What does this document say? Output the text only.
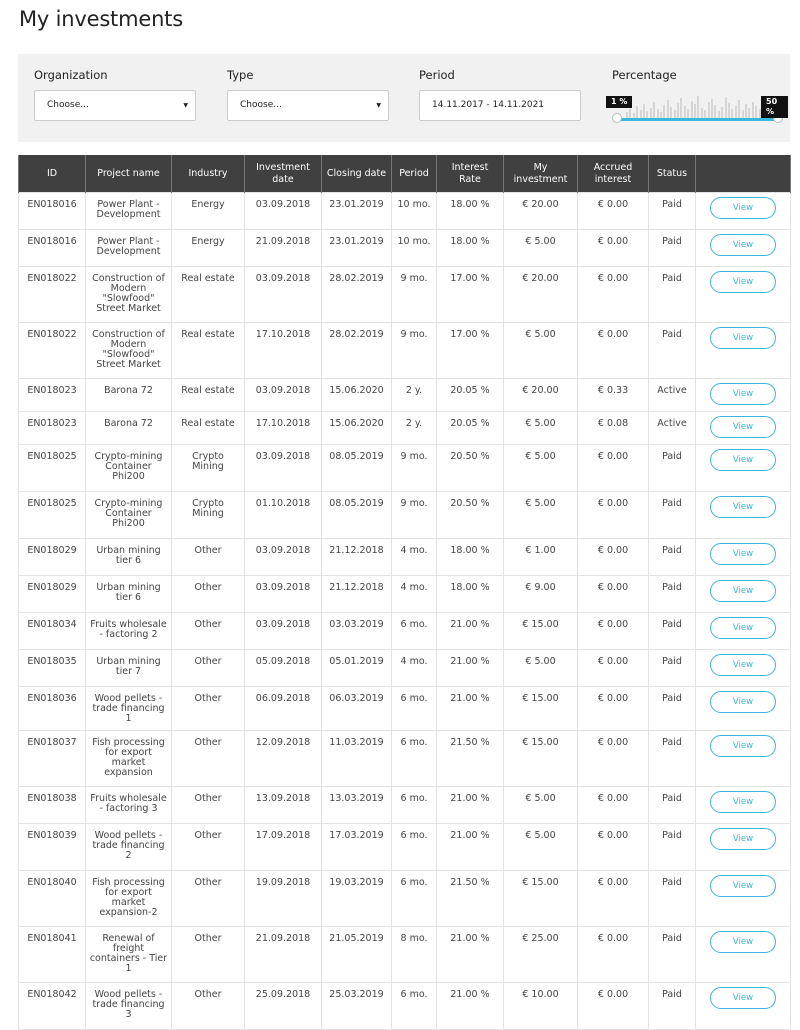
My investments
Organization
Choose...	▼
Type
Choose...	▼
Period
14.11.2017 - 14.11.2021
Percentage
1 %	50 %
ID	Project name	Industry	Investment date	Closing date	Period	Interest Rate	My investment	Accrued interest	Status	
EN018016	Power Plant - Development	Energy	03.09.2018	23.01.2019	10 mo.	18.00 %	€ 20.00	€ 0.00	Paid	View
EN018016	Power Plant - Development	Energy	21.09.2018	23.01.2019	10 mo.	18.00 %	€ 5.00	€ 0.00	Paid	View
EN018022	Construction of Modern "Slowfood" Street Market	Real estate	03.09.2018	28.02.2019	9 mo.	17.00 %	€ 20.00	€ 0.00	Paid	View
EN018022	Construction of Modern "Slowfood" Street Market	Real estate	17.10.2018	28.02.2019	9 mo.	17.00 %	€ 5.00	€ 0.00	Paid	View
EN018023	Barona 72	Real estate	03.09.2018	15.06.2020	2 y.	20.05 %	€ 20.00	€ 0.33	Active	View
EN018023	Barona 72	Real estate	17.10.2018	15.06.2020	2 y.	20.05 %	€ 5.00	€ 0.08	Active	View
EN018025	Crypto-mining Container Phi200	Crypto Mining	03.09.2018	08.05.2019	9 mo.	20.50 %	€ 5.00	€ 0.00	Paid	View
EN018025	Crypto-mining Container Phi200	Crypto Mining	01.10.2018	08.05.2019	9 mo.	20.50 %	€ 5.00	€ 0.00	Paid	View
EN018029	Urban mining tier 6	Other	03.09.2018	21.12.2018	4 mo.	18.00 %	€ 1.00	€ 0.00	Paid	View
EN018029	Urban mining tier 6	Other	03.09.2018	21.12.2018	4 mo.	18.00 %	€ 9.00	€ 0.00	Paid	View
EN018034	Fruits wholesale - factoring 2	Other	03.09.2018	03.03.2019	6 mo.	21.00 %	€ 15.00	€ 0.00	Paid	View
EN018035	Urban mining tier 7	Other	05.09.2018	05.01.2019	4 mo.	21.00 %	€ 5.00	€ 0.00	Paid	View
EN018036	Wood pellets - trade financing 1	Other	06.09.2018	06.03.2019	6 mo.	21.00 %	€ 15.00	€ 0.00	Paid	View
EN018037	Fish processing for export market expansion	Other	12.09.2018	11.03.2019	6 mo.	21.50 %	€ 15.00	€ 0.00	Paid	View
EN018038	Fruits wholesale - factoring 3	Other	13.09.2018	13.03.2019	6 mo.	21.00 %	€ 5.00	€ 0.00	Paid	View
EN018039	Wood pellets - trade financing 2	Other	17.09.2018	17.03.2019	6 mo.	21.00 %	€ 5.00	€ 0.00	Paid	View
EN018040	Fish processing for export market expansion-2	Other	19.09.2018	19.03.2019	6 mo.	21.50 %	€ 15.00	€ 0.00	Paid	View
EN018041	Renewal of freight containers - Tier 1	Other	21.09.2018	21.05.2019	8 mo.	21.00 %	€ 25.00	€ 0.00	Paid	View
EN018042	Wood pellets - trade financing 3	Other	25.09.2018	25.03.2019	6 mo.	21.00 %	€ 10.00	€ 0.00	Paid	View
